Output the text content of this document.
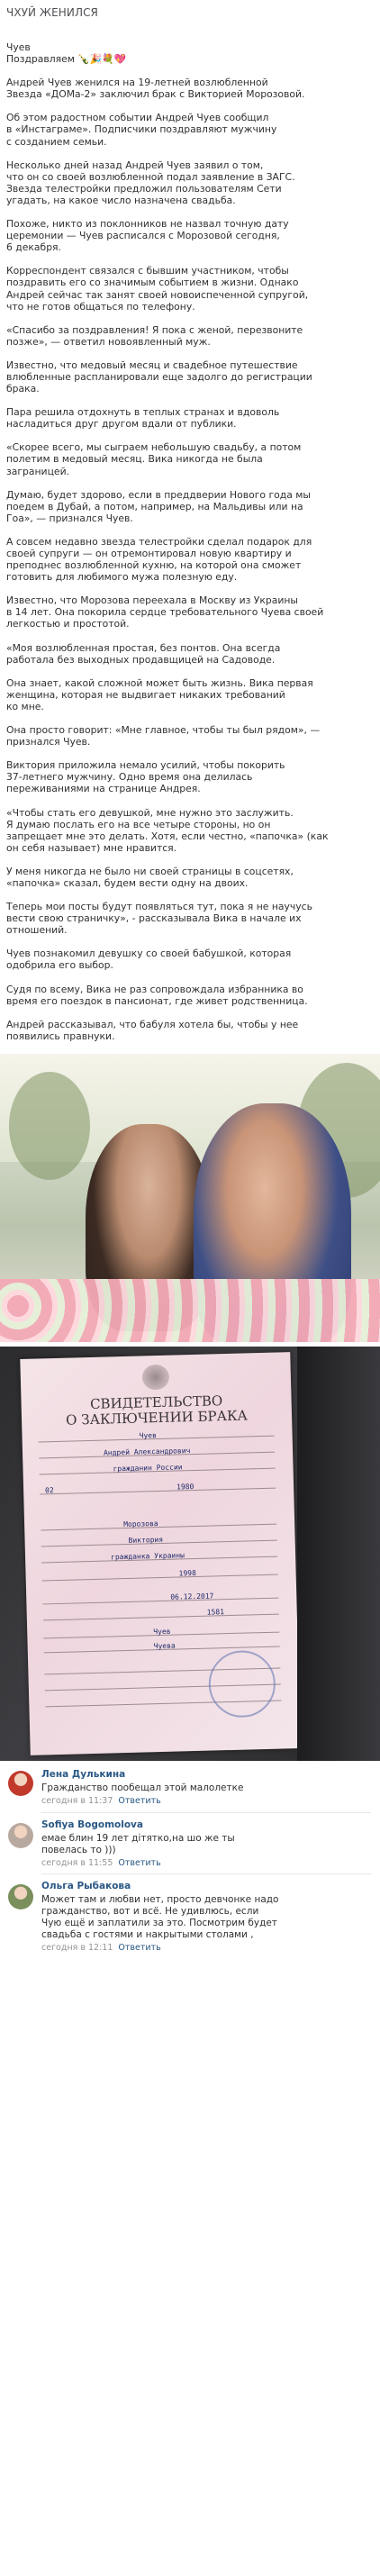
ЧХУЙ ЖЕНИЛСЯ
Чуев
Поздравляем 🍾🎉💐💖
Андрей Чуев женился на 19-летней возлюбленной
Звезда «ДОМа-2» заключил брак с Викторией Морозовой.
Об этом радостном событии Андрей Чуев сообщил
в «Инстаграме». Подписчики поздравляют мужчину
с созданием семьи.
Несколько дней назад Андрей Чуев заявил о том,
что он со своей возлюбленной подал заявление в ЗАГС.
Звезда телестройки предложил пользователям Сети
угадать, на какое число назначена свадьба.
Похоже, никто из поклонников не назвал точную дату
церемонии — Чуев расписался с Морозовой сегодня,
6 декабря.
Корреспондент связался с бывшим участником, чтобы
поздравить его со значимым событием в жизни. Однако
Андрей сейчас так занят своей новоиспеченной супругой,
что не готов общаться по телефону.
«Спасибо за поздравления! Я пока с женой, перезвоните
позже», — ответил новоявленный муж.
Известно, что медовый месяц и свадебное путешествие
влюбленные распланировали еще задолго до регистрации
брака.
Пара решила отдохнуть в теплых странах и вдоволь
насладиться друг другом вдали от публики.
«Скорее всего, мы сыграем небольшую свадьбу, а потом
полетим в медовый месяц. Вика никогда не была
заграницей.
Думаю, будет здорово, если в преддверии Нового года мы
поедем в Дубай, а потом, например, на Мальдивы или на
Гоа», — признался Чуев.
А совсем недавно звезда телестройки сделал подарок для
своей супруги — он отремонтировал новую квартиру и
преподнес возлюбленной кухню, на которой она сможет
готовить для любимого мужа полезную еду.
Известно, что Морозова переехала в Москву из Украины
в 14 лет. Она покорила сердце требовательного Чуева своей
легкостью и простотой.
«Моя возлюбленная простая, без понтов. Она всегда
работала без выходных продавщицей на Садоводе.
Она знает, какой сложной может быть жизнь. Вика первая
женщина, которая не выдвигает никаких требований
ко мне.
Она просто говорит: «Мне главное, чтобы ты был рядом», —
признался Чуев.
Виктория приложила немало усилий, чтобы покорить
37-летнего мужчину. Одно время она делилась
переживаниями на странице Андрея.
«Чтобы стать его девушкой, мне нужно это заслужить.
Я думаю послать его на все четыре стороны, но он
запрещает мне это делать. Хотя, если честно, «папочка» (как
он себя называет) мне нравится.
У меня никогда не было ни своей страницы в соцсетях,
«папочка» сказал, будем вести одну на двоих.
Теперь мои посты будут появляться тут, пока я не научусь
вести свою страничку», - рассказывала Вика в начале их
отношений.
Чуев познакомил девушку со своей бабушкой, которая
одобрила его выбор.
Судя по всему, Вика не раз сопровождала избранника во
время его поездок в пансионат, где живет родственница.
Андрей рассказывал, что бабуля хотела бы, чтобы у нее
появились правнуки.
СВИДЕТЕЛЬСТВО
О ЗАКЛЮЧЕНИИ БРАКА
Чуев
Андрей Александрович
гражданин России
02	1980
Морозова
Виктория
гражданка Украины
1998
06.12.2017
1581
Чуев
Чуева
Лена Дулькина
Гражданство пообещал этой малолетке
сегодня в 11:37 Ответить
Sofiya Bogomolova
емае блин 19 лет дітятко,на шо же ты
повелась то )))
сегодня в 11:55 Ответить
Ольга Рыбакова
Может там и любви нет, просто девчонке надо
гражданство, вот и всё. Не удивлюсь, если
Чую ещё и заплатили за это. Посмотрим будет
свадьба с гостями и накрытыми столами ,
сегодня в 12:11 Ответить
